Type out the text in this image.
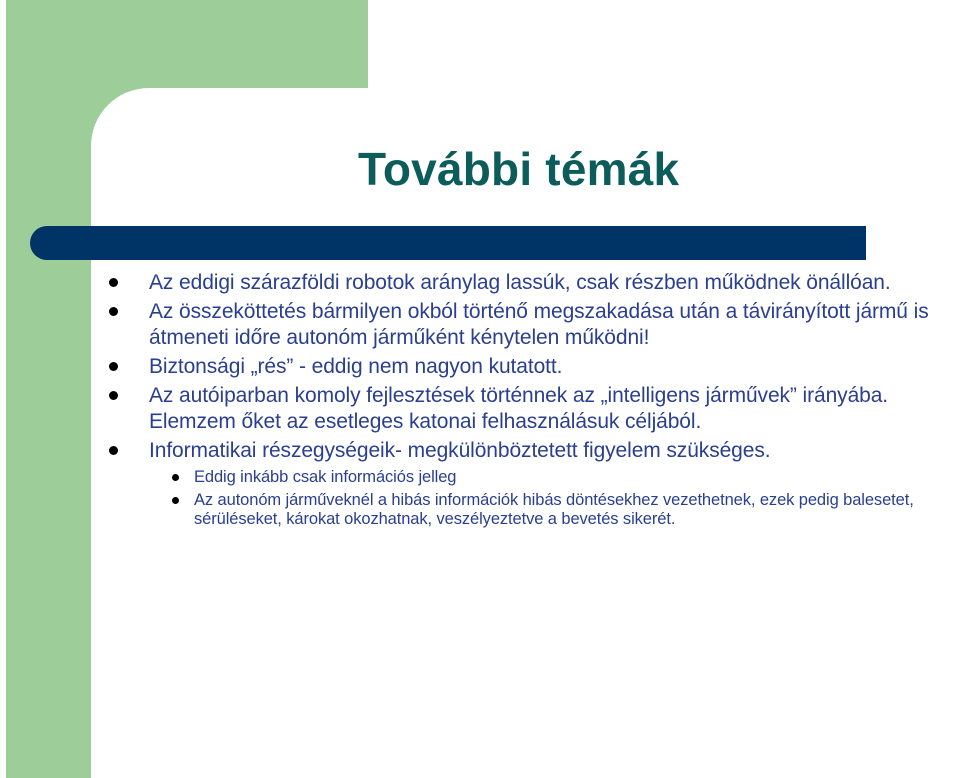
További témák
Az eddigi szárazföldi robotok aránylag lassúk, csak részben működnek önállóan.
Az összeköttetés bármilyen okból történő megszakadása után a távirányított jármű is átmeneti időre autonóm járműként kénytelen működni!
Biztonsági „rés” - eddig nem nagyon kutatott.
Az autóiparban komoly fejlesztések történnek az „intelligens járművek” irányába. Elemzem őket az esetleges katonai felhasználásuk céljából.
Informatikai részegységeik- megkülönböztetett figyelem szükséges.
Eddig inkább csak információs jelleg
Az autonóm járműveknél a hibás információk hibás döntésekhez vezethetnek, ezek pedig balesetet, sérüléseket, károkat okozhatnak, veszélyeztetve a bevetés sikerét.
